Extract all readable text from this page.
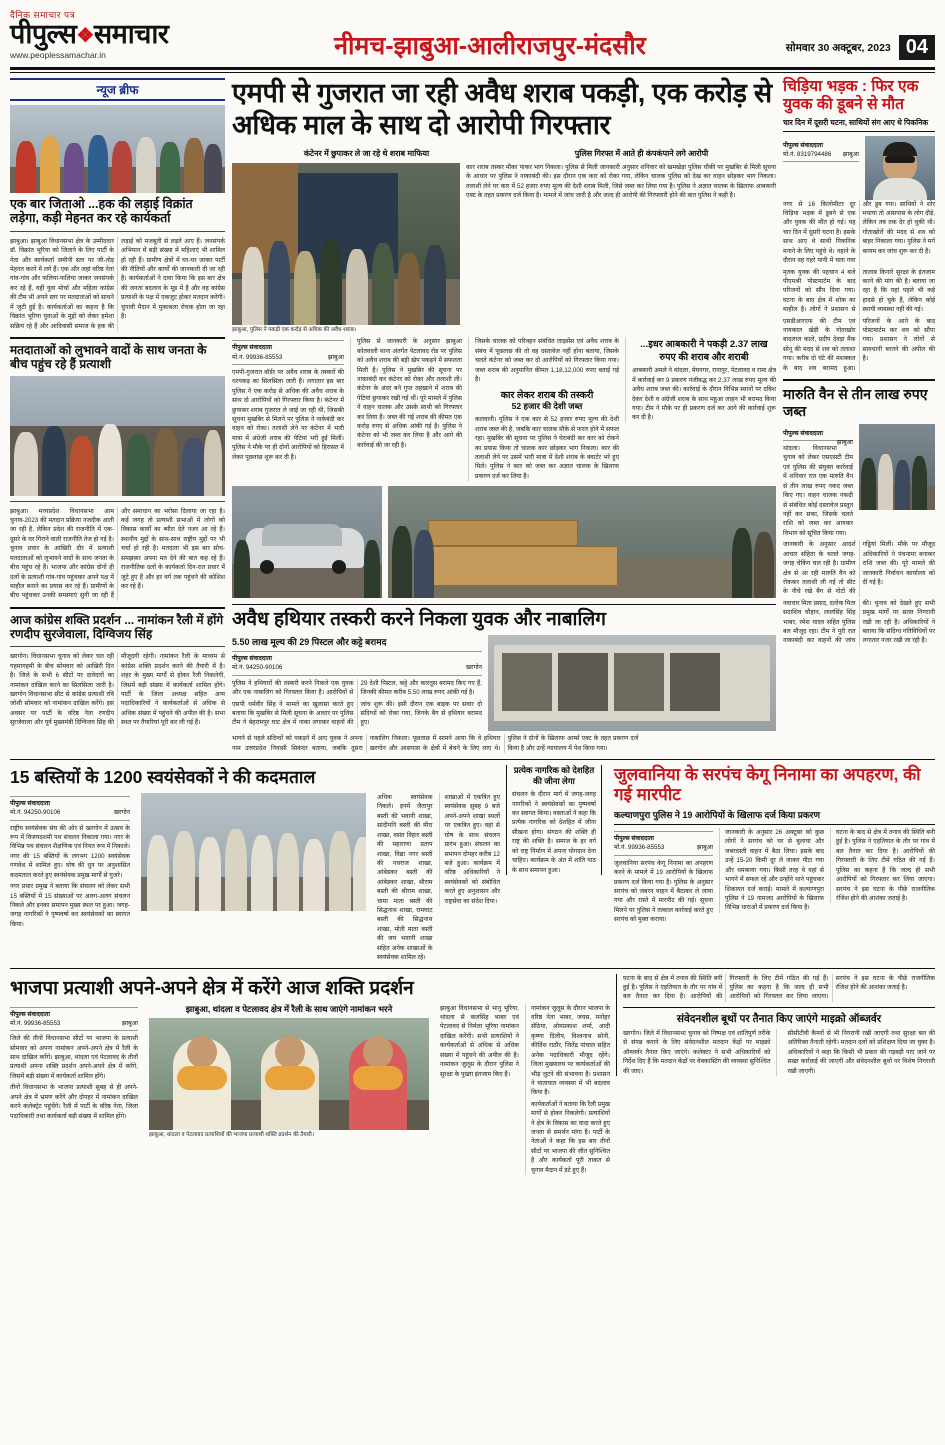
दैनिक समाचार पत्र
पीपुल्स❖समाचार
www.peoplessamachar.in	नीमच-झाबुआ-आलीराजपुर-मंदसौर	सोमवार 30 अक्टूबर, 2023 04
न्यूज ब्रीफ
एक बार जिताओ ...हक की लड़ाई विक्रांत लड़ेगा, कड़ी मेहनत कर रहे कार्यकर्ता
झाबुआ। झाबुआ विधानसभा क्षेत्र के उम्मीदवार डॉ. विक्रांत भूरिया को जिताने के लिए पार्टी के नेता और कार्यकर्ता जमीनी स्तर पर जी-तोड़ मेहनत करने में लगे हैं। एक और जहां वरिष्ठ नेता गांव-गांव और फलिया-फलिया जाकर जनसंपर्क कर रहे हैं, वहीं युवा मोर्चा और महिला कांग्रेस की टीम भी अपने स्तर पर मतदाताओं को साधने में जुटी हुई है। कार्यकर्ताओं का कहना है कि विक्रांत भूरिया युवाओं के मुद्दों को लेकर हमेशा सक्रिय रहे हैं और आदिवासी समाज के हक की लड़ाई को मजबूती से लड़ते आए हैं। जनसंपर्क अभियान में बड़ी संख्या में महिलाएं भी शामिल हो रही हैं। ग्रामीण क्षेत्रों में घर-घर जाकर पार्टी की नीतियों और कार्यों की जानकारी दी जा रही है। कार्यकर्ताओं ने दावा किया कि इस बार क्षेत्र की जनता बदलाव के मूड में है और वह कांग्रेस प्रत्याशी के पक्ष में एकजुट होकर मतदान करेगी। चुनावी मैदान में मुकाबला रोचक होता जा रहा है।
मतदाताओं को लुभावने वादों के साथ जनता के बीच पहुंच रहे हैं प्रत्याशी
झाबुआ। मध्यप्रदेश विधानसभा आम चुनाव-2023 की मतदान प्रक्रिया नजदीक आती जा रही है, लेकिन प्रदेश की राजनीति में एक-दूसरे के घर गिराने वाली राजनीति तेज हो गई है। चुनाव प्रचार के आखिरी दौर में प्रत्याशी मतदाताओं को लुभावने वादों के साथ जनता के बीच पहुंच रहे हैं। भाजपा और कांग्रेस दोनों ही दलों के प्रत्याशी गांव-गांव पहुंचकर अपने पक्ष में माहौल बनाने का प्रयास कर रहे हैं। ग्रामीणों के बीच पहुंचकर उनकी समस्याएं सुनी जा रही हैं और समाधान का भरोसा दिलाया जा रहा है। कई जगह तो प्रत्याशी सभाओं में लोगों को विकास कार्यों का ब्यौरा देते नजर आ रहे हैं। स्थानीय मुद्दों के साथ-साथ राष्ट्रीय मुद्दों पर भी चर्चा हो रही है। मतदाता भी इस बार सोच-समझकर अपना मत देने की बात कह रहे हैं। राजनीतिक दलों के कार्यकर्ता दिन-रात प्रचार में जुटे हुए हैं और हर वर्ग तक पहुंचने की कोशिश कर रहे हैं।
आज कांग्रेस शक्ति प्रदर्शन ... नामांकन रैली में होंगे रणदीप सुरजेवाला, दिग्विजय सिंह
खरगोन। विधानसभा चुनाव को लेकर चल रही गहमागहमी के बीच सोमवार को आखिरी दिन है। जिले के सभी 6 सीटों पर दावेदारों का नामांकन दाखिल करने का सिलसिला जारी है। खरगोन विधानसभा सीट से कांग्रेस प्रत्याशी रवि जोशी सोमवार को नामांकन दाखिल करेंगे। इस अवसर पर पार्टी के वरिष्ठ नेता रणदीप सुरजेवाला और पूर्व मुख्यमंत्री दिग्विजय सिंह की मौजूदगी रहेगी। नामांकन रैली के माध्यम से कांग्रेस शक्ति प्रदर्शन करने की तैयारी में है। शहर के मुख्य मार्गों से होकर रैली निकलेगी, जिसमें बड़ी संख्या में कार्यकर्ता शामिल होंगे। पार्टी के जिला अध्यक्ष सहित अन्य पदाधिकारियों ने कार्यकर्ताओं से अधिक से अधिक संख्या में पहुंचने की अपील की है। सभा स्थल पर तैयारियां पूरी कर ली गई हैं।
एमपी से गुजरात जा रही अवैध शराब पकड़ी, एक करोड़ से अधिक माल के साथ दो आरोपी गिरफ्तार
कंटेनर में छुपाकर ले जा रहे थे शराब माफिया	पुलिस गिरफ्त में आते ही कंपकंपाने लगे आरोपी
झाबुआ, पुलिस ने पकड़ी एक करोड़ से अधिक की अवैध शराब।
कार शराब तस्कर मौका पाकर भाग निकला। पुलिस से मिली जानकारी अनुसार शनिवार को खमखेड़ा पुलिस चौकी पर मुखबिर से मिली सूचना के आधार पर पुलिस ने नाकाबंदी की। इस दौरान एक कार को रोका गया, लेकिन चालक पुलिस को देख कर वाहन छोड़कर भाग निकला। तलाशी लेने पर कार में 52 हजार रुपए मूल्य की देशी शराब मिली, जिसे जब्त कर लिया गया है। पुलिस ने अज्ञात चालक के खिलाफ आबकारी एक्ट के तहत प्रकरण दर्ज किया है। मामले में जांच जारी है और जल्द ही आरोपी की गिरफ्तारी होने की बात पुलिस ने कही है।
पीपुल्स संवाददाता
झाबुआ
मो.नं. 99936-85553
एमपी-गुजरात बॉर्डर पर अवैध शराब के तस्करों की धरपकड़ का सिलसिला जारी है। लगातार इस बार पुलिस ने एक करोड़ से अधिक की अवैध शराब के साथ दो आरोपियों को गिरफ्तार किया है। कंटेनर में छुपाकर शराब गुजरात ले जाई जा रही थी, जिसकी सूचना मुखबिर से मिलने पर पुलिस ने नाकेबंदी कर वाहन को रोका। तलाशी लेने पर कंटेनर में भारी मात्रा में अंग्रेजी शराब की पेटियां भरी हुई मिलीं। पुलिस ने मौके पर ही दोनों आरोपियों को हिरासत में लेकर पूछताछ शुरू कर दी है।
पुलिस से जानकारी के अनुसार झाबुआ कोतवाली थाना अंतर्गत पेटलावद रोड पर पुलिस को अवैध शराब की बड़ी खेप पकड़ने में सफलता मिली है। पुलिस ने मुखबिर की सूचना पर नाकाबंदी कर कंटेनर को रोका और तलाशी ली। कंटेनर के अंदर बने गुप्त तहखाने में शराब की पेटियां छुपाकर रखी गई थीं। पूरे मामले में पुलिस ने वाहन चालक और उसके साथी को गिरफ्तार कर लिया है। जब्त की गई शराब की कीमत एक करोड़ रुपए से अधिक आंकी गई है। पुलिस ने कंटेनर को भी जब्त कर लिया है और आगे की कार्रवाई की जा रही है।
जिसके चालक को परिवहन संबंधित लाइसेंस एवं अवैध शराब के संबंध में पूछताछ की तो वह दस्तावेज नहीं होना बताया, जिसके चलते कंटेनर को जब्त कर दो आरोपियों को गिरफ्तार किया गया। जब्त शराब की अनुमानित कीमत 1,18,12,000 रुपए बताई गई है।
कार लेकर शराब की तस्करी
52 हजार की देशी जब्त
कलवानी। पुलिस ने एक कार से 52 हजार रुपए मूल्य की देशी शराब जब्त की है, जबकि कार चालक मौके से फरार होने में सफल रहा। मुखबिर की सूचना पर पुलिस ने घेराबंदी कर कार को रोकने का प्रयास किया तो चालक कार छोड़कर भाग निकला। कार की तलाशी लेने पर उसमें भारी मात्रा में देशी शराब के क्वार्टर भरे हुए मिले। पुलिस ने कार को जब्त कर अज्ञात चालक के खिलाफ प्रकरण दर्ज कर लिया है।
...इधर आबकारी ने पकड़ी 2.37 लाख रुपए की शराब और शराबी
आबकारी अमले ने थांदला, मेघनगर, रानापुर, पेटलावद व रामा क्षेत्र में कार्रवाई कर 9 प्रकरण पंजीबद्ध कर 2.37 लाख रुपए मूल्य की अवैध शराब जब्त की। कार्रवाई के दौरान विभिन्न स्थानों पर दबिश देकर देशी व अंग्रेजी शराब के साथ महुआ लाहन भी बरामद किया गया। टीम ने मौके पर ही प्रकरण दर्ज कर आगे की कार्रवाई शुरू कर दी है।
अवैध हथियार तस्करी करने निकला युवक और नाबालिग
5.50 लाख मूल्य की 29 पिस्टल और कट्टे बरामद
पीपुल्स संवाददाता
खरगोन
मो.नं. 94250-90106
पुलिस ने हथियारों की तस्करी करने निकले एक युवक और एक नाबालिग को गिरफ्तार किया है। आरोपियों से 29 देशी पिस्टल, कट्टे और कारतूस बरामद किए गए हैं, जिनकी कीमत करीब 5.50 लाख रुपए आंकी गई है।
एसपी धर्मवीर सिंह ने मामले का खुलासा करते हुए बताया कि मुखबिर से मिली सूचना के आधार पर पुलिस टीम ने बेहरामपुर घाट क्षेत्र में नाका लगाकर वाहनों की जांच शुरू की। इसी दौरान एक बाइक पर सवार दो संदिग्धों को रोका गया, जिनके बैग से हथियार बरामद हुए।
भागने से पहले संदिग्धों को पकड़ने में आए युवक ने अपना नाम उत्तरप्रदेश निवासी सिकंदर बताया, जबकि दूसरा नाबालिग निकला। पूछताछ में सामने आया कि वे हथियार खरगोन और आसपास के क्षेत्रों में बेचने के लिए लाए थे। पुलिस ने दोनों के खिलाफ आर्म्स एक्ट के तहत प्रकरण दर्ज किया है और उन्हें न्यायालय में पेश किया गया।
चिड़िया भड़क : फिर एक युवक की डूबने से मौत
चार दिन में दूसरी घटना, साथियों संग आए थे पिकनिक
पीपुल्स संवाददाता
झाबुआ
मो.नं. 8319794486
नगर से 16 किलोमीटर दूर चिड़िया भड़क में डूबने से एक और युवक की मौत हो गई। यह चार दिन में दूसरी घटना है। इसके साथ आए थे साथी पिकनिक मनाने के लिए पहुंचे थे। नहाने के दौरान वह गहरे पानी में चला गया और डूब गया। साथियों ने शोर मचाया तो आसपास के लोग दौड़े, लेकिन तब तक देर हो चुकी थी। गोताखोरों की मदद से शव को बाहर निकाला गया। पुलिस ने मर्ग कायम कर जांच शुरू कर दी है।
मृतक युवक की पहचान 4 बजे पीएमश्री पोस्टमार्टम के बाद परिजनों को सौंप दिया गया। घटना के बाद क्षेत्र में शोक का माहौल है। लोगों ने प्रशासन से तालाब किनारे सुरक्षा के इंतजाम करने की मांग की है। बताया जा रहा है कि यहां पहले भी कई हादसे हो चुके हैं, लेकिन कोई स्थायी व्यवस्था नहीं की गई।
एसडीआरएफ की टीम एवं नायकाल खेड़ी के गोताखोर बादलाल काले, प्रदीप देवड़ा मैक सोनू की मदद से शव को तलाशा गया। करीब दो घंटे की मशक्कत के बाद शव बरामद हुआ। परिजनों के आने के बाद पोस्टमार्टम कर शव को सौंपा गया। प्रशासन ने लोगों से सावधानी बरतने की अपील की है।
मारुति वैन से तीन लाख रुपए जब्त
पीपुल्स संवाददाता
झाबुआ
थांदला। विधानसभा चुनाव को लेकर एसएसटी टीम एवं पुलिस की संयुक्त कार्रवाई में शनिवार रात एक मारुति वैन से तीन लाख रुपए नकद जब्त किए गए। वाहन चालक नकदी से संबंधित कोई दस्तावेज प्रस्तुत नहीं कर सका, जिसके चलते राशि को जब्त कर आयकर विभाग को सूचित किया गया।
जानकारी के अनुसार आदर्श आचार संहिता के चलते जगह-जगह चेकिंग चल रही है। ग्रामीण क्षेत्र से आ रही मारुति वैन को रोककर तलाशी ली गई तो सीट के नीचे रखे बैग से नोटों की गड्डियां मिलीं। मौके पर मौजूद अधिकारियों ने पंचनामा बनाकर राशि जब्त की। पूरे मामले की जानकारी निर्वाचन कार्यालय को दी गई है।
नवाचार मिता प्रसाद, दलोक मिता सदाशिव चौहान, लालसिंह सिंह भाबर, रमेश यादव सहित पुलिस बल मौजूद रहा। टीम ने पूरी रात नाकाबंदी कर वाहनों की जांच की। चुनाव को देखते हुए सभी प्रमुख मार्गों पर सतत निगरानी रखी जा रही है। अधिकारियों ने बताया कि संदिग्ध गतिविधियों पर लगातार नजर रखी जा रही है।
15 बस्तियों के 1200 स्वयंसेवकों ने की कदमताल
पीपुल्स संवाददाता
खरगोन
मो.नं. 94250-90106
राष्ट्रीय स्वयंसेवक संघ की ओर से खरगोन में उत्सव के रूप में विजयदशमी पथ संचलन निकाला गया। नगर के विभिन्न पथ संचलन शैक्षणिक एवं नियत रूप में निकाले। नगर की 15 बस्तियों के लगभग 1200 स्वयंसेवक गणवेश में शामिल हुए। घोष की धुन पर अनुशासित कदमताल करते हुए स्वयंसेवक प्रमुख मार्गों से गुजरे।
नगर प्रचार प्रमुख ने बताया कि संचलन को लेकर सभी 15 बस्तियों में 15 संख्याओं पर अलग-अलग संचलन निकले और इनका समापन मुख्य स्थल पर हुआ। जगह-जगह नागरिकों ने पुष्पवर्षा कर स्वयंसेवकों का स्वागत किया।
अधिक स्वयंसेवक निकले। इनमें जैतापुर बस्ती की भवानी शाखा, सांदीपनि बस्ती की मीरा शाखा, वसंत विहार बस्ती की महाराणा प्रताप शाखा, विद्या नगर बस्ती की नचराज शाखा, आंबेडकर बस्ती की आंबेडकर शाखा, श्रीराम बस्ती की श्रीराम शाखा, चामा माता बस्ती की सिद्धनाथ शाखा, रामघाट बस्ती की सिद्धनाथ शाखा, मोती माता बस्ती की जय भवानी शाखा सहित अनेक शाखाओं के स्वयंसेवक शामिल रहे।
शाखाओं में एकत्रित हुए स्वयंसेवक सुबह 9 बजे अपने-अपने शाखा स्थलों पर एकत्रित हुए। वहां से घोष के साथ संचलन प्रारंभ हुआ। संचलन का समापन दोपहर करीब 12 बजे हुआ। कार्यक्रम में वरिष्ठ अधिकारियों ने स्वयंसेवकों को संबोधित करते हुए अनुशासन और राष्ट्रसेवा का संदेश दिया।
प्रत्येक नागरिक को देशहित की जीना लेगा
संचलन के दौरान मार्ग में जगह-जगह नागरिकों ने स्वयंसेवकों का पुष्पवर्षा कर स्वागत किया। वक्ताओं ने कहा कि प्रत्येक नागरिक को देशहित में जीना सीखना होगा। संगठन की शक्ति ही राष्ट्र की शक्ति है। समाज के हर वर्ग को राष्ट्र निर्माण में अपना योगदान देना चाहिए। कार्यक्रम के अंत में शांति पाठ के साथ समापन हुआ।
जुलवानिया के सरपंच केगू निनामा का अपहरण, की गई मारपीट
कल्याणपुरा पुलिस ने 19 आरोपियों के खिलाफ दर्ज किया प्रकरण
पीपुल्स संवाददाता
झाबुआ
मो.नं. 99936-85553
जुलवानिया सरपंच केगू निनामा का अपहरण करने के मामले में 19 आरोपियों के खिलाफ प्रकरण दर्ज किया गया है। पुलिस के अनुसार सरपंच को जबरन वाहन में बैठाकर ले जाया गया और रास्ते में मारपीट की गई। सूचना मिलने पर पुलिस ने तत्काल कार्रवाई करते हुए सरपंच को मुक्त कराया।
जानकारी के अनुसार 26 अक्टूबर को कुछ लोगों ने सरपंच को घर से बुलाया और जबरदस्ती वाहन में बैठा लिया। इसके बाद उन्हें 15-20 किमी दूर ले जाकर पीटा गया और धमकाया गया। किसी तरह वे वहां से भागने में सफल रहे और उन्होंने थाने पहुंचकर शिकायत दर्ज कराई। मामले में कल्याणपुरा पुलिस ने 19 नामजद आरोपियों के खिलाफ विभिन्न धाराओं में प्रकरण दर्ज किया है।
घटना के बाद से क्षेत्र में तनाव की स्थिति बनी हुई है। पुलिस ने एहतियात के तौर पर गांव में बल तैनात कर दिया है। आरोपियों की गिरफ्तारी के लिए टीमें गठित की गई हैं। पुलिस का कहना है कि जल्द ही सभी आरोपियों को गिरफ्तार कर लिया जाएगा। सरपंच ने इस घटना के पीछे राजनीतिक रंजिश होने की आशंका जताई है।
भाजपा प्रत्याशी अपने-अपने क्षेत्र में करेंगे आज शक्ति प्रदर्शन
पीपुल्स संवाददाता
झाबुआ
मो.नं. 99936-85553
जिले की तीनों विधानसभा सीटों पर भाजपा के प्रत्याशी सोमवार को अपना नामांकन अपने-अपने क्षेत्र में रैली के साथ दाखिल करेंगे। झाबुआ, थांदला एवं पेटलावद के तीनों प्रत्याशी अपना शक्ति प्रदर्शन अपने-अपने क्षेत्र में करेंगे, जिसमें बड़ी संख्या में कार्यकर्ता शामिल होंगे।
तीनों विधानसभा के भाजपा प्रत्याशी सुबह से ही अपने-अपने क्षेत्र में भ्रमण करेंगे और दोपहर में नामांकन दाखिल करने कलेक्ट्रेट पहुंचेंगे। रैली में पार्टी के वरिष्ठ नेता, जिला पदाधिकारी तथा कार्यकर्ता बड़ी संख्या में शामिल होंगे।
झाबुआ, थांदला व पेटलावद क्षेत्र में रैली के साथ जाएंगे नामांकन भरने
झाबुआ, थांदला व पेटलावद प्रत्याशियों की भाजपा प्रत्याशी शक्ति प्रदर्शन की तैयारी।
झाबुआ विधानसभा से भानु भूरिया, थांदला से कलसिंह भाबर एवं पेटलावद से निर्मला भूरिया नामांकन दाखिल करेंगी। सभी प्रत्याशियों ने कार्यकर्ताओं से अधिक से अधिक संख्या में पहुंचने की अपील की है। नामांकन जुलूस के दौरान पुलिस ने सुरक्षा के पुख्ता इंतजाम किए हैं।
नामांकन जुलूस के दौरान भाजपा के वरिष्ठ नेता भाबर, जयस, मनोहर सेठिया, ओमप्रकाश शर्मा, आदी कृष्णा दिलीप, विश्वनाथ सोनी, कीर्तिश राठौर, जितेंद्र पांचाल सहित अनेक पदाधिकारी मौजूद रहेंगे। जिला मुख्यालय पर कार्यकर्ताओं की भीड़ जुटने की संभावना है। प्रशासन ने यातायात व्यवस्था में भी बदलाव किया है।
कार्यकर्ताओं ने बताया कि रैली प्रमुख मार्गों से होकर निकलेगी। प्रत्याशियों ने क्षेत्र के विकास का वादा करते हुए जनता से समर्थन मांगा है। पार्टी के नेताओं ने कहा कि इस बार तीनों सीटों पर भाजपा की जीत सुनिश्चित है और कार्यकर्ता पूरी ताकत से चुनाव मैदान में डटे हुए हैं।
घटना के बाद से क्षेत्र में तनाव की स्थिति बनी हुई है। पुलिस ने एहतियात के तौर पर गांव में बल तैनात कर दिया है। आरोपियों की गिरफ्तारी के लिए टीमें गठित की गई हैं। पुलिस का कहना है कि जल्द ही सभी आरोपियों को गिरफ्तार कर लिया जाएगा। सरपंच ने इस घटना के पीछे राजनीतिक रंजिश होने की आशंका जताई है।
संवेदनशील बूथों पर तैनात किए जाएंगे माइक्रो ऑब्जर्वर
खरगोन। जिले में विधानसभा चुनाव को निष्पक्ष एवं शांतिपूर्ण तरीके से संपन्न कराने के लिए संवेदनशील मतदान केंद्रों पर माइक्रो ऑब्जर्वर तैनात किए जाएंगे। कलेक्टर ने सभी अधिकारियों को निर्देश दिए हैं कि मतदान केंद्रों पर वेबकास्टिंग की व्यवस्था सुनिश्चित की जाए।
सीसीटीवी कैमरों से भी निगरानी रखी जाएगी तथा सुरक्षा बल की अतिरिक्त तैनाती रहेगी। मतदान दलों को प्रशिक्षण दिया जा चुका है। अधिकारियों ने कहा कि किसी भी प्रकार की गड़बड़ी पाए जाने पर सख्त कार्रवाई की जाएगी और संवेदनशील बूथों पर विशेष निगरानी रखी जाएगी।
